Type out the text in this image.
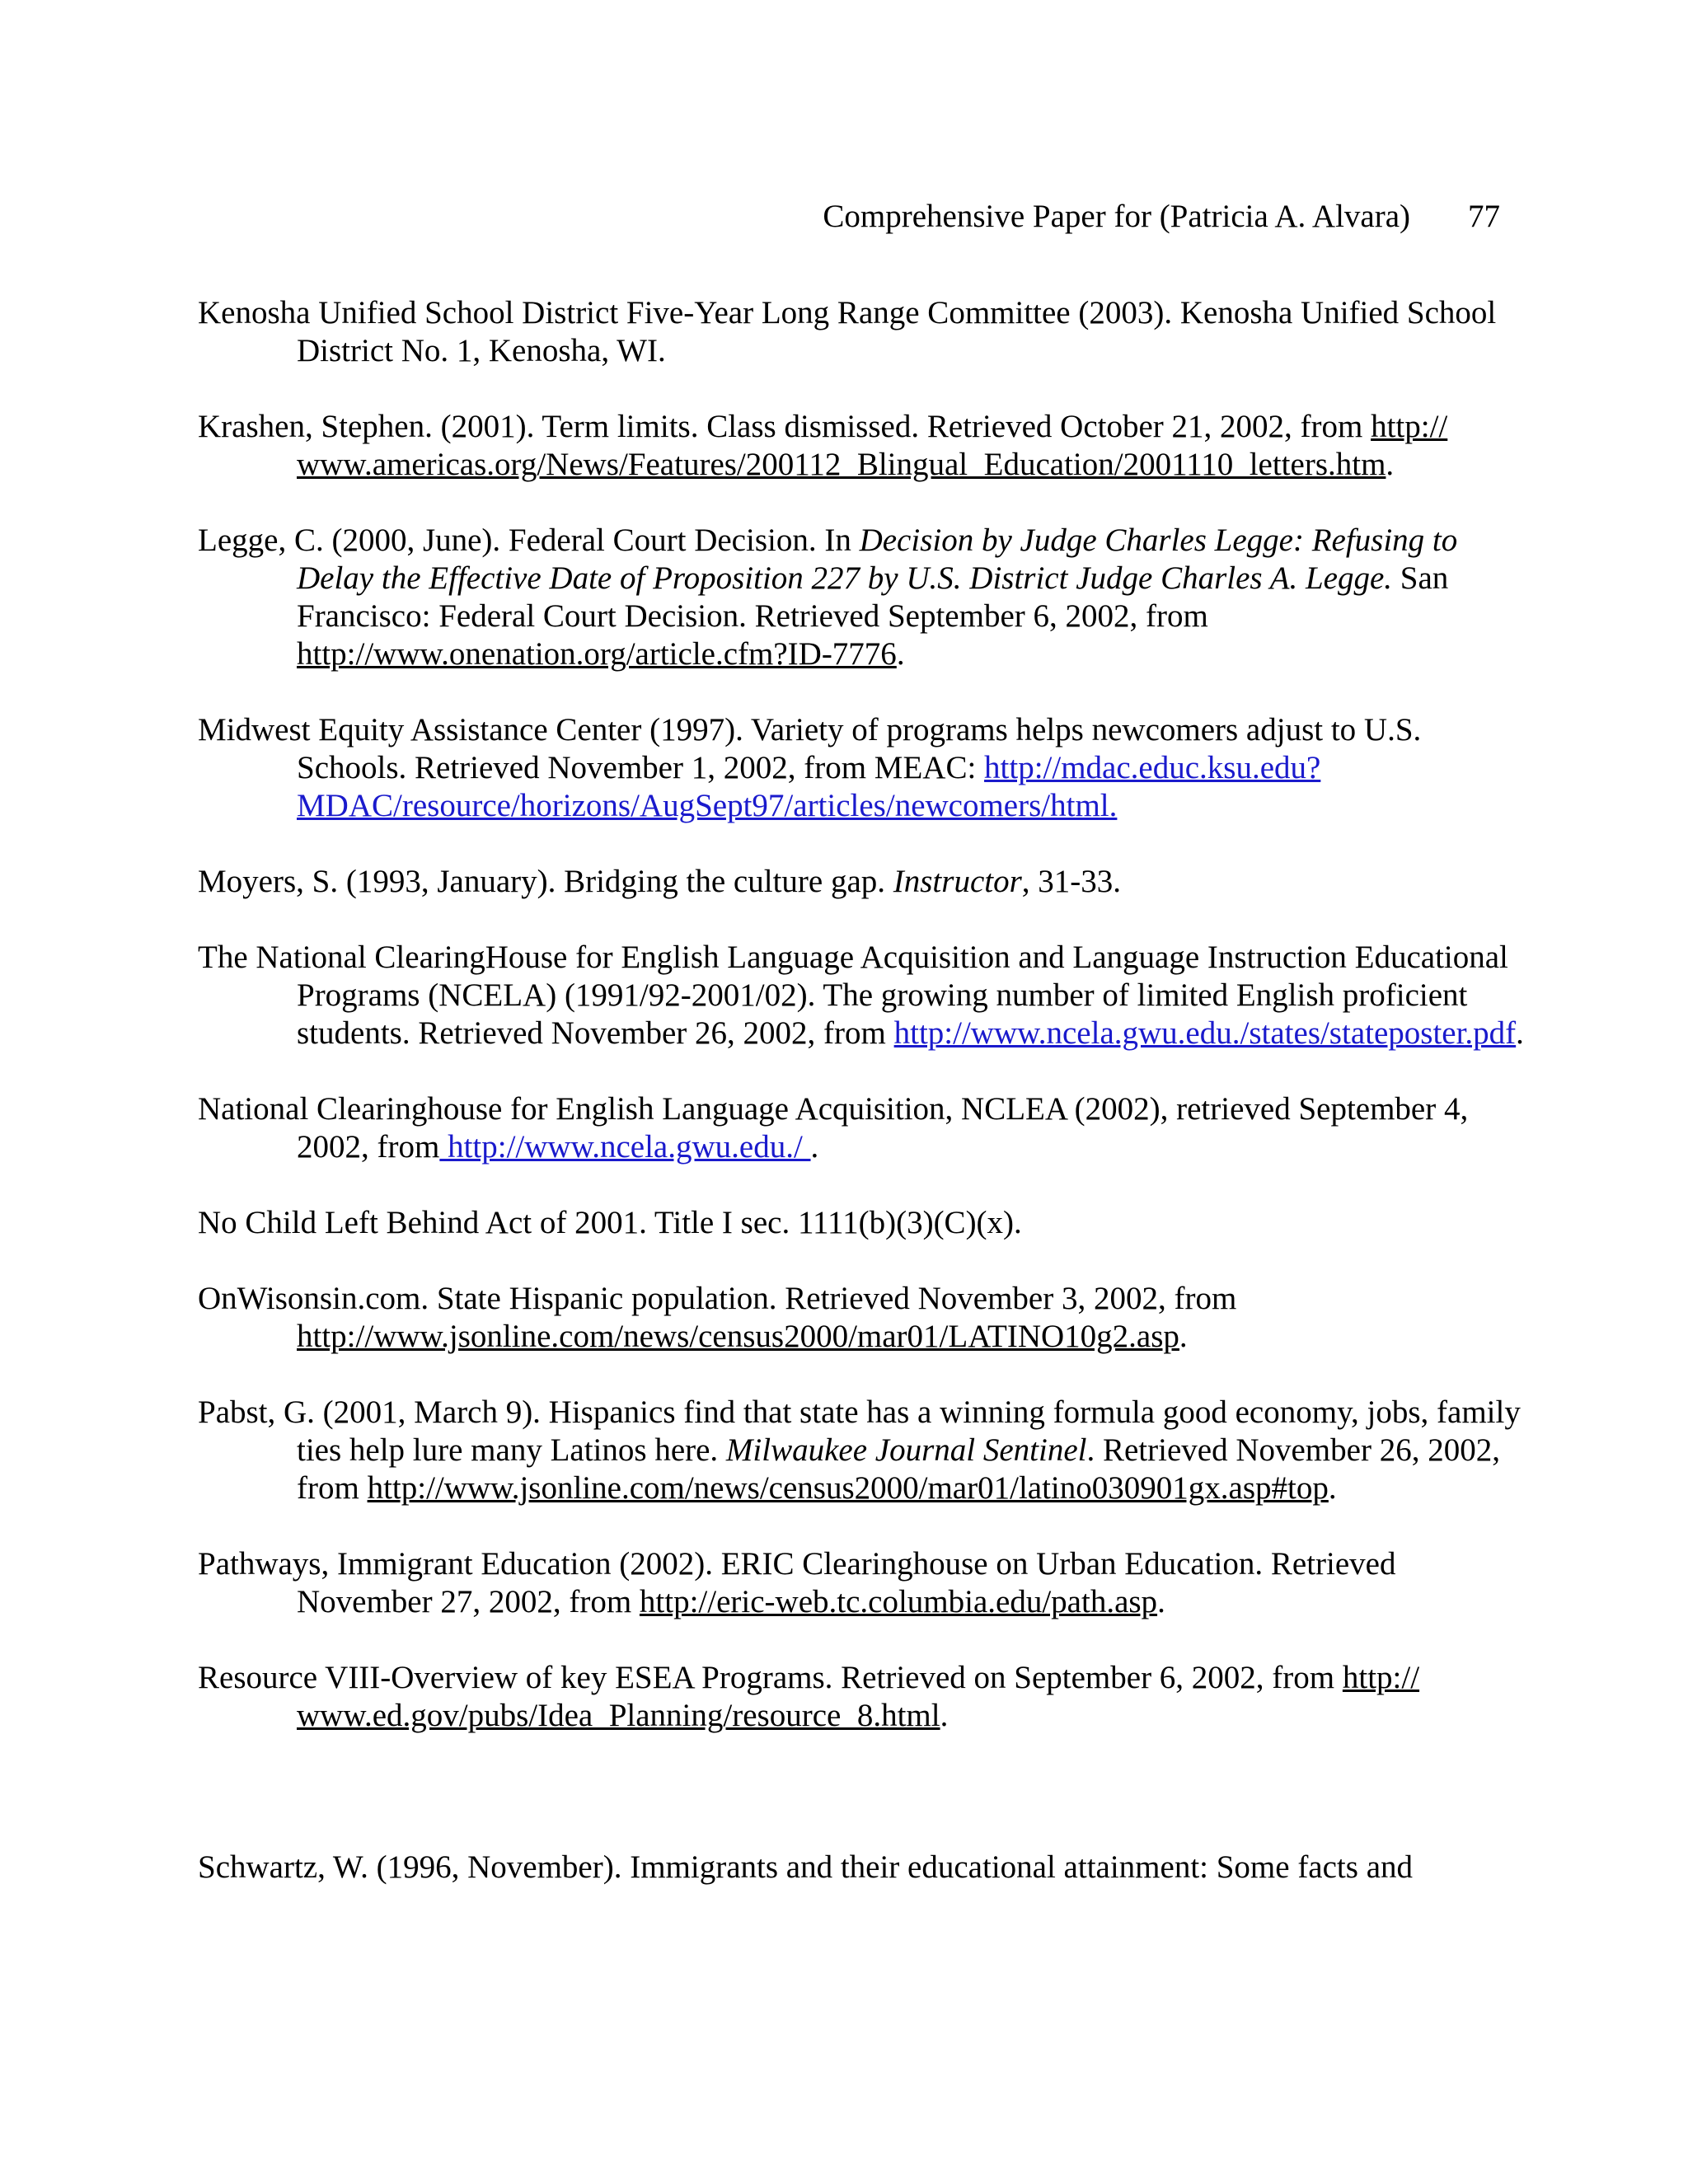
Comprehensive Paper for (Patricia A. Alvara) 77

Kenosha Unified School District Five-Year Long Range Committee (2003). Kenosha Unified School District No. 1, Kenosha, WI.

Krashen, Stephen. (2001). Term limits. Class dismissed. Retrieved October 21, 2002, from http:// www.americas.org/News/Features/200112_Blingual_Education/2001110_letters.htm.

Legge, C. (2000, June). Federal Court Decision. In Decision by Judge Charles Legge: Refusing to Delay the Effective Date of Proposition 227 by U.S. District Judge Charles A. Legge. San Francisco: Federal Court Decision. Retrieved September 6, 2002, from http://www.onenation.org/article.cfm?ID-7776.

Midwest Equity Assistance Center (1997). Variety of programs helps newcomers adjust to U.S. Schools. Retrieved November 1, 2002, from MEAC: http://mdac.educ.ksu.edu?MDAC/resource/horizons/AugSept97/articles/newcomers/html.

Moyers, S. (1993, January). Bridging the culture gap. Instructor, 31-33.

The National ClearingHouse for English Language Acquisition and Language Instruction Educational Programs (NCELA) (1991/92-2001/02). The growing number of limited English proficient students. Retrieved November 26, 2002, from http://www.ncela.gwu.edu./states/stateposter.pdf.

National Clearinghouse for English Language Acquisition, NCLEA (2002), retrieved September 4, 2002, from http://www.ncela.gwu.edu./ .

No Child Left Behind Act of 2001. Title I sec. 1111(b)(3)(C)(x).

OnWisonsin.com. State Hispanic population. Retrieved November 3, 2002, from http://www.jsonline.com/news/census2000/mar01/LATINO10g2.asp.

Pabst, G. (2001, March 9). Hispanics find that state has a winning formula good economy, jobs, family ties help lure many Latinos here. Milwaukee Journal Sentinel. Retrieved November 26, 2002, from http://www.jsonline.com/news/census2000/mar01/latino030901gx.asp#top.

Pathways, Immigrant Education (2002). ERIC Clearinghouse on Urban Education. Retrieved November 27, 2002, from http://eric-web.tc.columbia.edu/path.asp.

Resource VIII-Overview of key ESEA Programs. Retrieved on September 6, 2002, from http:// www.ed.gov/pubs/Idea_Planning/resource_8.html.

Schwartz, W. (1996, November). Immigrants and their educational attainment: Some facts and
